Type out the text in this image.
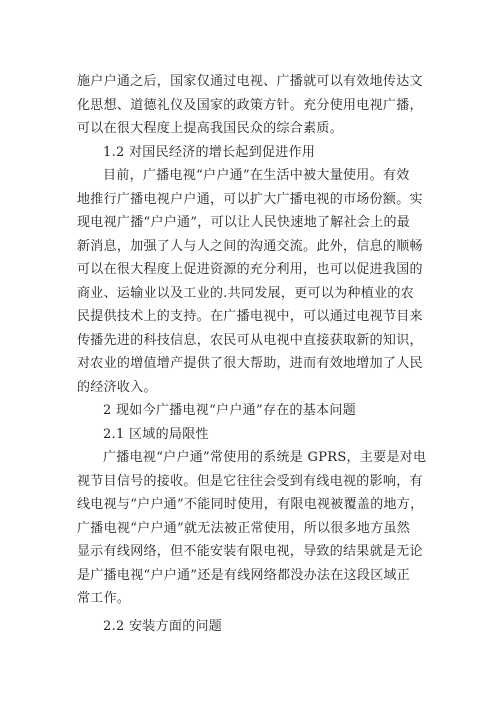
施户户通之后，国家仅通过电视、广播就可以有效地传达文
化思想、道德礼仪及国家的政策方针。充分使用电视广播，
可以在很大程度上提高我国民众的综合素质。
1.2 对国民经济的增长起到促进作用
目前，广播电视“户户通”在生活中被大量使用。有效
地推行广播电视户户通，可以扩大广播电视的市场份额。实
现电视广播“户户通”，可以让人民快速地了解社会上的最
新消息，加强了人与人之间的沟通交流。此外，信息的顺畅
可以在很大程度上促进资源的充分利用，也可以促进我国的
商业、运输业以及工业的.共同发展，更可以为种植业的农
民提供技术上的支持。在广播电视中，可以通过电视节目来
传播先进的科技信息，农民可从电视中直接获取新的知识，
对农业的增值增产提供了很大帮助，进而有效地增加了人民
的经济收入。
2 现如今广播电视“户户通”存在的基本问题
2.1 区域的局限性
广播电视“户户通”常使用的系统是 GPRS，主要是对电
视节目信号的接收。但是它往往会受到有线电视的影响，有
线电视与“户户通”不能同时使用，有限电视被覆盖的地方，
广播电视“户户通”就无法被正常使用，所以很多地方虽然
显示有线网络，但不能安装有限电视，导致的结果就是无论
是广播电视“户户通”还是有线网络都没办法在这段区域正
常工作。
2.2 安装方面的问题
